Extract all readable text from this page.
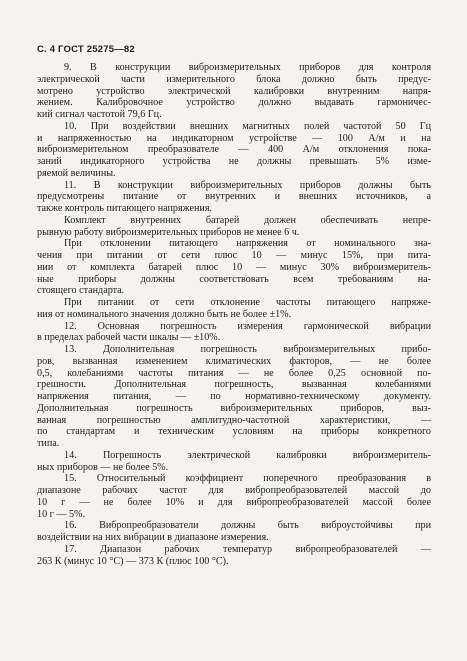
С. 4 ГОСТ 25275—82
9. В конструкции виброизмерительных приборов для контроля
электрической части измерительного блока должно быть предус-
мотрено устройство электрической калибровки внутренним напря-
жением. Калибровочное устройство должно выдавать гармоничес-
кий сигнал частотой 79,6 Гц.
10. При воздействии внешних магнитных полей частотой 50 Гц
и напряженностью на индикаторном устройстве — 100 А/м и на
виброизмерительном преобразователе — 400 А/м отклонения пока-
заний индикаторного устройства не должны превышать 5% изме-
ряемой величины.
11. В конструкции виброизмерительных приборов должны быть
предусмотрены питание от внутренних и внешних источников, а
также контроль питающего напряжения.
Комплект внутренних батарей должен обеспечивать непре-
рывную работу виброизмерительных приборов не менее 6 ч.
При отклонении питающего напряжения от номинального зна-
чения при питании от сети плюс 10 — минус 15%, при пита-
нии от комплекта батарей плюс 10 — минус 30% виброизмеритель-
ные приборы должны соответствовать всем требованиям на-
стоящего стандарта.
При питании от сети отклонение частоты питающего напряже-
ния от номинального значения должно быть не более ±1%.
12. Основная погрешность измерения гармонической вибрации
в пределах рабочей части шкалы — ±10%.
13. Дополнительная погрешность виброизмерительных прибо-
ров, вызванная изменением климатических факторов, — не более
0,5, колебаниями частоты питания — не более 0,25 основной по-
грешности. Дополнительная погрешность, вызванная колебаниями
напряжения питания, — по нормативно-техническому документу.
Дополнительная погрешность виброизмерительных приборов, выз-
ванная погрешностью амплитудно-частотной характеристики, —
по стандартам и техническим условиям на приборы конкретного
типа.
14. Погрешность электрической калибровки виброизмеритель-
ных приборов — не более 5%.
15. Относительный коэффициент поперечного преобразования в
диапазоне рабочих частот для вибропреобразователей массой до
10 г — не более 10% и для вибропреобразователей массой более
10 г — 5%.
16. Вибропреобразователи должны быть виброустойчивы при
воздействии на них вибрации в диапазоне измерения.
17. Диапазон рабочих температур вибропреобразователей —
263 К (минус 10 °С) — 373 К (плюс 100 °С).
